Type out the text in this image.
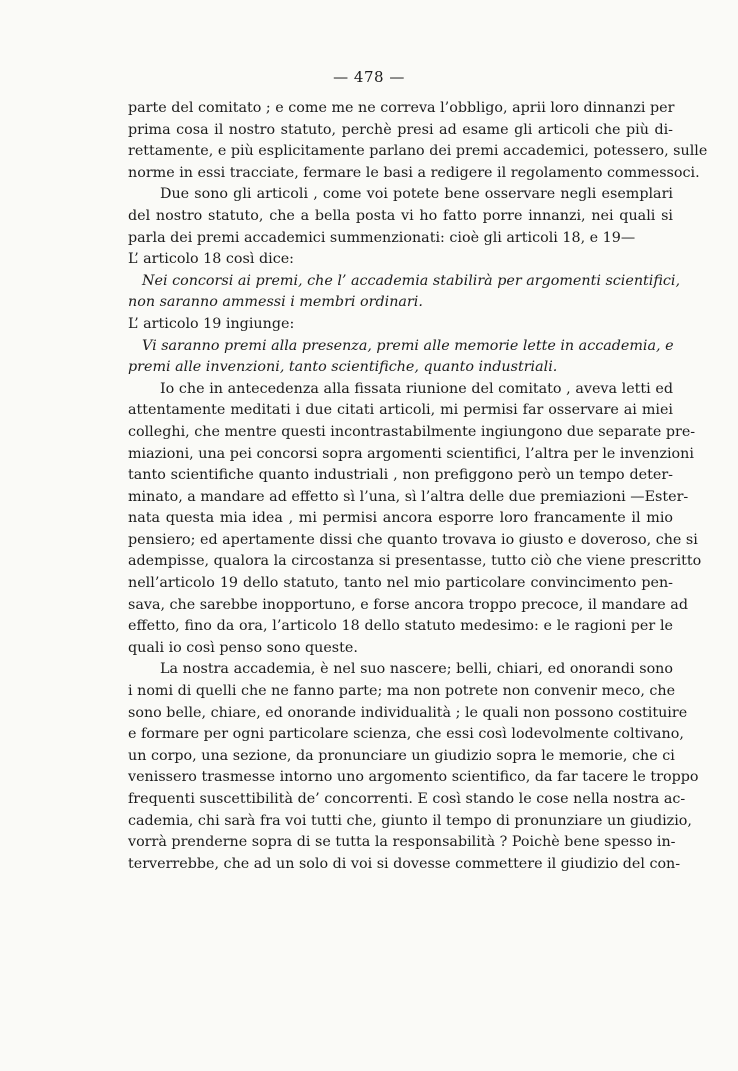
— 478 —

parte del comitato ; e come me ne correva l’obbligo, aprii loro dinnanzi per
prima cosa il nostro statuto, perchè presi ad esame gli articoli che più di-
rettamente, e più esplicitamente parlano dei premi accademici, potessero, sulle
norme in essi tracciate, fermare le basi a redigere il regolamento commessoci.

Due sono gli articoli , come voi potete bene osservare negli esemplari
del nostro statuto, che a bella posta vi ho fatto porre innanzi, nei quali si
parla dei premi accademici summenzionati: cioè gli articoli 18, e 19—

L’ articolo 18 così dice:

Nei concorsi ai premi, che l’ accademia stabilirà per argomenti scientifici,
non saranno ammessi i membri ordinari.

L’ articolo 19 ingiunge:

Vi saranno premi alla presenza, premi alle memorie lette in accademia, e
premi alle invenzioni, tanto scientifiche, quanto industriali.

Io che in antecedenza alla fissata riunione del comitato , aveva letti ed
attentamente meditati i due citati articoli, mi permisi far osservare ai miei
colleghi, che mentre questi incontrastabilmente ingiungono due separate pre-
miazioni, una pei concorsi sopra argomenti scientifici, l’altra per le invenzioni
tanto scientifiche quanto industriali , non prefiggono però un tempo deter-
minato, a mandare ad effetto sì l’una, sì l’altra delle due premiazioni —Ester-
nata questa mia idea , mi permisi ancora esporre loro francamente il mio
pensiero; ed apertamente dissi che quanto trovava io giusto e doveroso, che si
adempisse, qualora la circostanza si presentasse, tutto ciò che viene prescritto
nell’articolo 19 dello statuto, tanto nel mio particolare convincimento pen-
sava, che sarebbe inopportuno, e forse ancora troppo precoce, il mandare ad
effetto, fino da ora, l’articolo 18 dello statuto medesimo: e le ragioni per le
quali io così penso sono queste.

La nostra accademia, è nel suo nascere; belli, chiari, ed onorandi sono
i nomi di quelli che ne fanno parte; ma non potrete non convenir meco, che
sono belle, chiare, ed onorande individualità ; le quali non possono costituire
e formare per ogni particolare scienza, che essi così lodevolmente coltivano,
un corpo, una sezione, da pronunciare un giudizio sopra le memorie, che ci
venissero trasmesse intorno uno argomento scientifico, da far tacere le troppo
frequenti suscettibilità de’ concorrenti. E così stando le cose nella nostra ac-
cademia, chi sarà fra voi tutti che, giunto il tempo di pronunziare un giudizio,
vorrà prenderne sopra di se tutta la responsabilità ? Poichè bene spesso in-
terverrebbe, che ad un solo di voi si dovesse commettere il giudizio del con-
